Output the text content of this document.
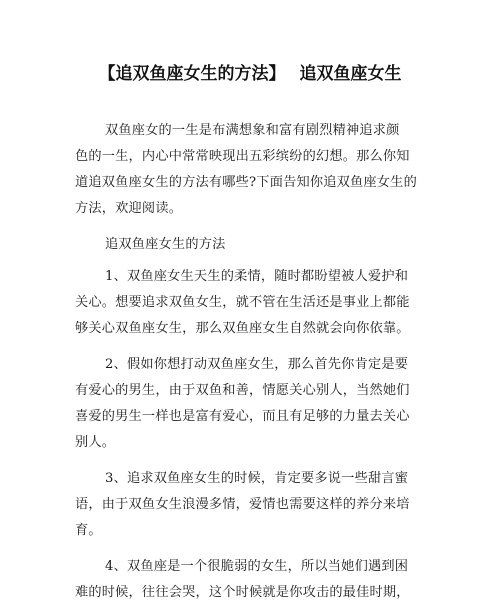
【追双鱼座女生的方法】 追双鱼座女生

双鱼座女的一生是布满想象和富有剧烈精神追求颜
色的一生，内心中常常映现出五彩缤纷的幻想。那么你知
道追双鱼座女生的方法有哪些?下面告知你追双鱼座女生的
方法，欢迎阅读。

追双鱼座女生的方法

1、双鱼座女生天生的柔情，随时都盼望被人爱护和
关心。想要追求双鱼女生，就不管在生活还是事业上都能
够关心双鱼座女生，那么双鱼座女生自然就会向你依靠。

2、假如你想打动双鱼座女生，那么首先你肯定是要
有爱心的男生，由于双鱼和善，情愿关心别人，当然她们
喜爱的男生一样也是富有爱心，而且有足够的力量去关心
别人。

3、追求双鱼座女生的时候，肯定要多说一些甜言蜜
语，由于双鱼女生浪漫多情，爱情也需要这样的养分来培
育。

4、双鱼座是一个很脆弱的女生，所以当她们遇到困
难的时候，往往会哭，这个时候就是你攻击的最佳时期，
